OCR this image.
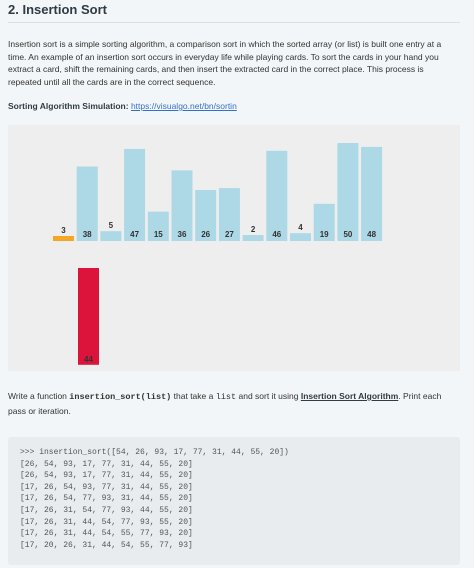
2. Insertion Sort
Insertion sort is a simple sorting algorithm, a comparison sort in which the sorted array (or list) is built one entry at a time. An example of an insertion sort occurs in everyday life while playing cards. To sort the cards in your hand you extract a card, shift the remaining cards, and then insert the extracted card in the correct place. This process is repeated until all the cards are in the correct sequence.
Sorting Algorithm Simulation: https://visualgo.net/bn/sortin
3 38
5
47 15 36 26 27
2
46
4
19 50 48
44
Write a function insertion_sort(list) that take a list and sort it using Insertion Sort Algorithm. Print each pass or iteration.
>>> insertion_sort([54, 26, 93, 17, 77, 31, 44, 55, 20])
[26, 54, 93, 17, 77, 31, 44, 55, 20]
[26, 54, 93, 17, 77, 31, 44, 55, 20]
[17, 26, 54, 93, 77, 31, 44, 55, 20]
[17, 26, 54, 77, 93, 31, 44, 55, 20]
[17, 26, 31, 54, 77, 93, 44, 55, 20]
[17, 26, 31, 44, 54, 77, 93, 55, 20]
[17, 26, 31, 44, 54, 55, 77, 93, 20]
[17, 20, 26, 31, 44, 54, 55, 77, 93]
